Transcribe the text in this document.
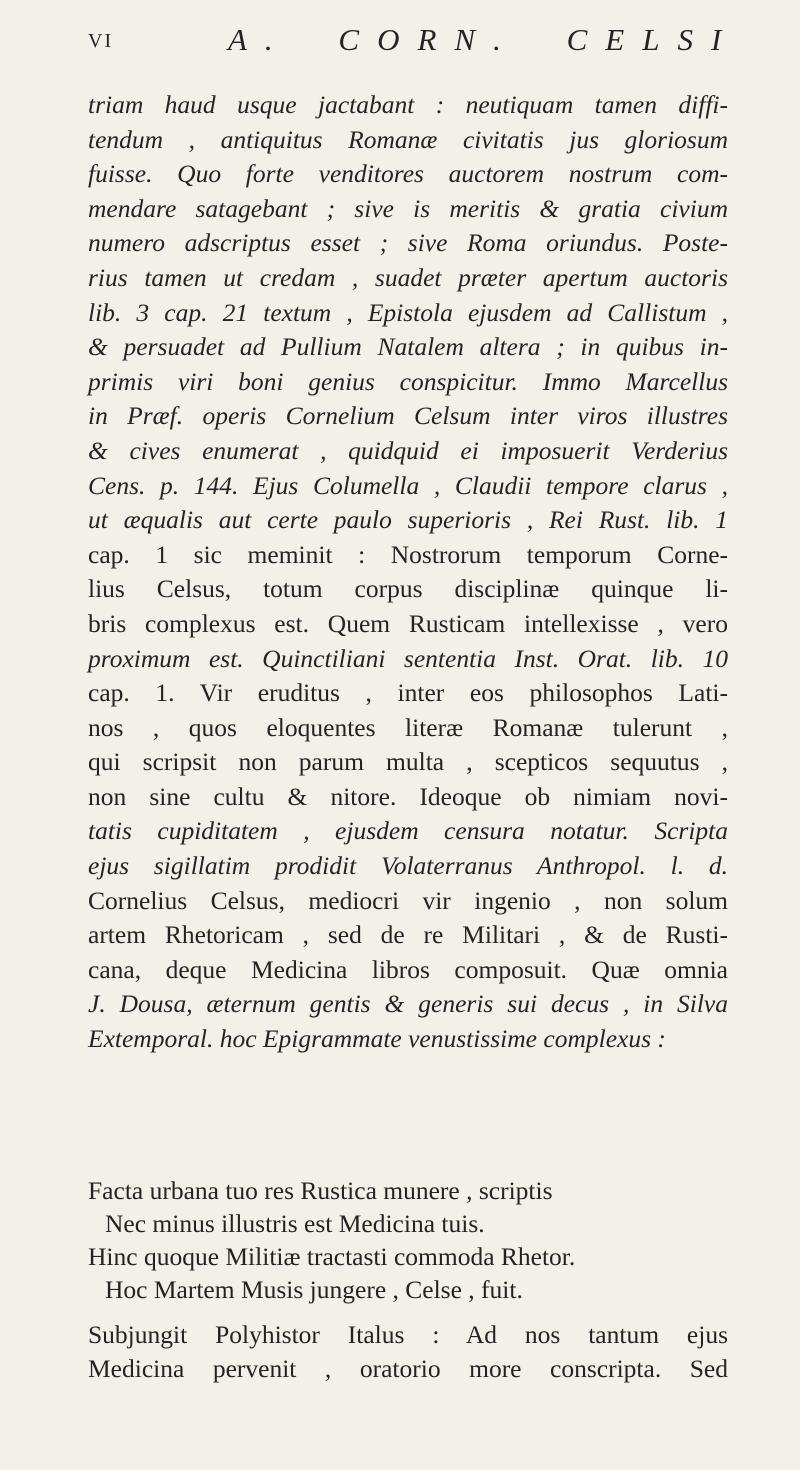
VI	A. CORN. CELSI
triam haud usque jactabant : neutiquam tamen diffi-
tendum , antiquitus Romanæ civitatis jus gloriosum
fuisse. Quo forte venditores auctorem nostrum com-
mendare satagebant ; sive is meritis & gratia civium
numero adscriptus esset ; sive Roma oriundus. Poste-
rius tamen ut credam , suadet præter apertum auctoris
lib. 3 cap. 21 textum , Epistola ejusdem ad Callistum ,
& persuadet ad Pullium Natalem altera ; in quibus in-
primis viri boni genius conspicitur. Immo Marcellus
in Præf. operis Cornelium Celsum inter viros illustres
& cives enumerat , quidquid ei imposuerit Verderius
Cens. p. 144. Ejus Columella , Claudii tempore clarus ,
ut æqualis aut certe paulo superioris , Rei Rust. lib. 1
cap. 1 sic meminit : Nostrorum temporum Corne-
lius Celsus, totum corpus disciplinæ quinque li-
bris complexus est. Quem Rusticam intellexisse , vero
proximum est. Quinctiliani sententia Inst. Orat. lib. 10
cap. 1. Vir eruditus , inter eos philosophos Lati-
nos , quos eloquentes literæ Romanæ tulerunt ,
qui scripsit non parum multa , scepticos sequutus ,
non sine cultu & nitore. Ideoque ob nimiam novi-
tatis cupiditatem , ejusdem censura notatur. Scripta
ejus sigillatim prodidit Volaterranus Anthropol. l. d.
Cornelius Celsus, mediocri vir ingenio , non solum
artem Rhetoricam , sed de re Militari , & de Rusti-
cana, deque Medicina libros composuit. Quæ omnia
J. Dousa, æternum gentis & generis sui decus , in Silva
Extemporal. hoc Epigrammate venustissime complexus :
Facta urbana tuo res Rustica munere , scriptis
Nec minus illustris est Medicina tuis.
Hinc quoque Militiæ tractasti commoda Rhetor.
Hoc Martem Musis jungere , Celse , fuit.
Subjungit Polyhistor Italus : Ad nos tantum ejus
Medicina pervenit , oratorio more conscripta. Sed
